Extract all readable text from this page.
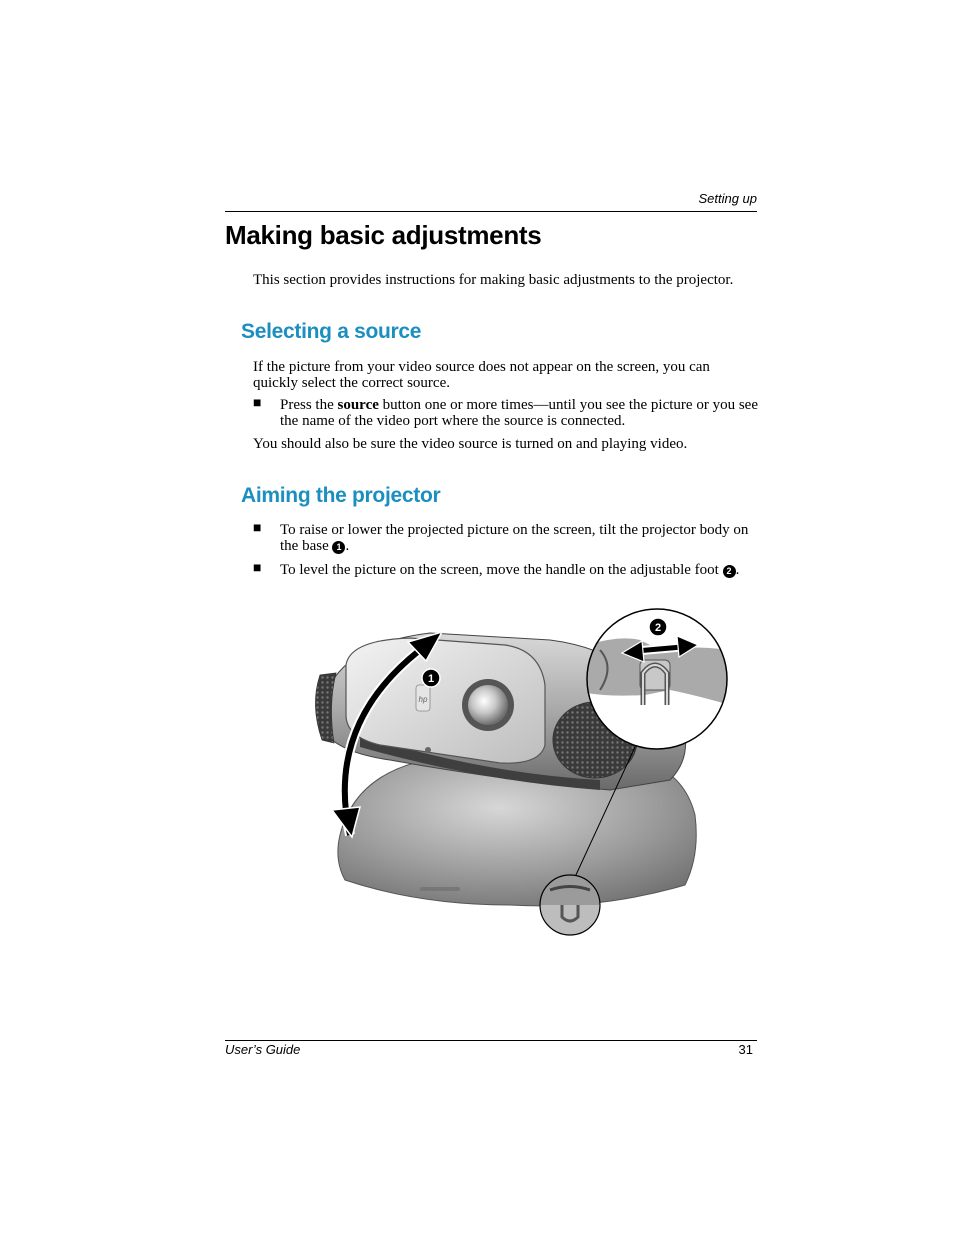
Setting up
Making basic adjustments

This section provides instructions for making basic adjustments to the projector.

Selecting a source

If the picture from your video source does not appear on the screen, you can quickly select the correct source.

■ Press the source button one or more times—until you see the picture or you see the name of the video port where the source is connected.

You should also be sure the video source is turned on and playing video.

Aiming the projector
■ To raise or lower the projected picture on the screen, tilt the projector body on the base 1 .

■ To level the picture on the screen, move the handle on the adjustable foot 2 .

hp
1
2
User’s Guide	31
